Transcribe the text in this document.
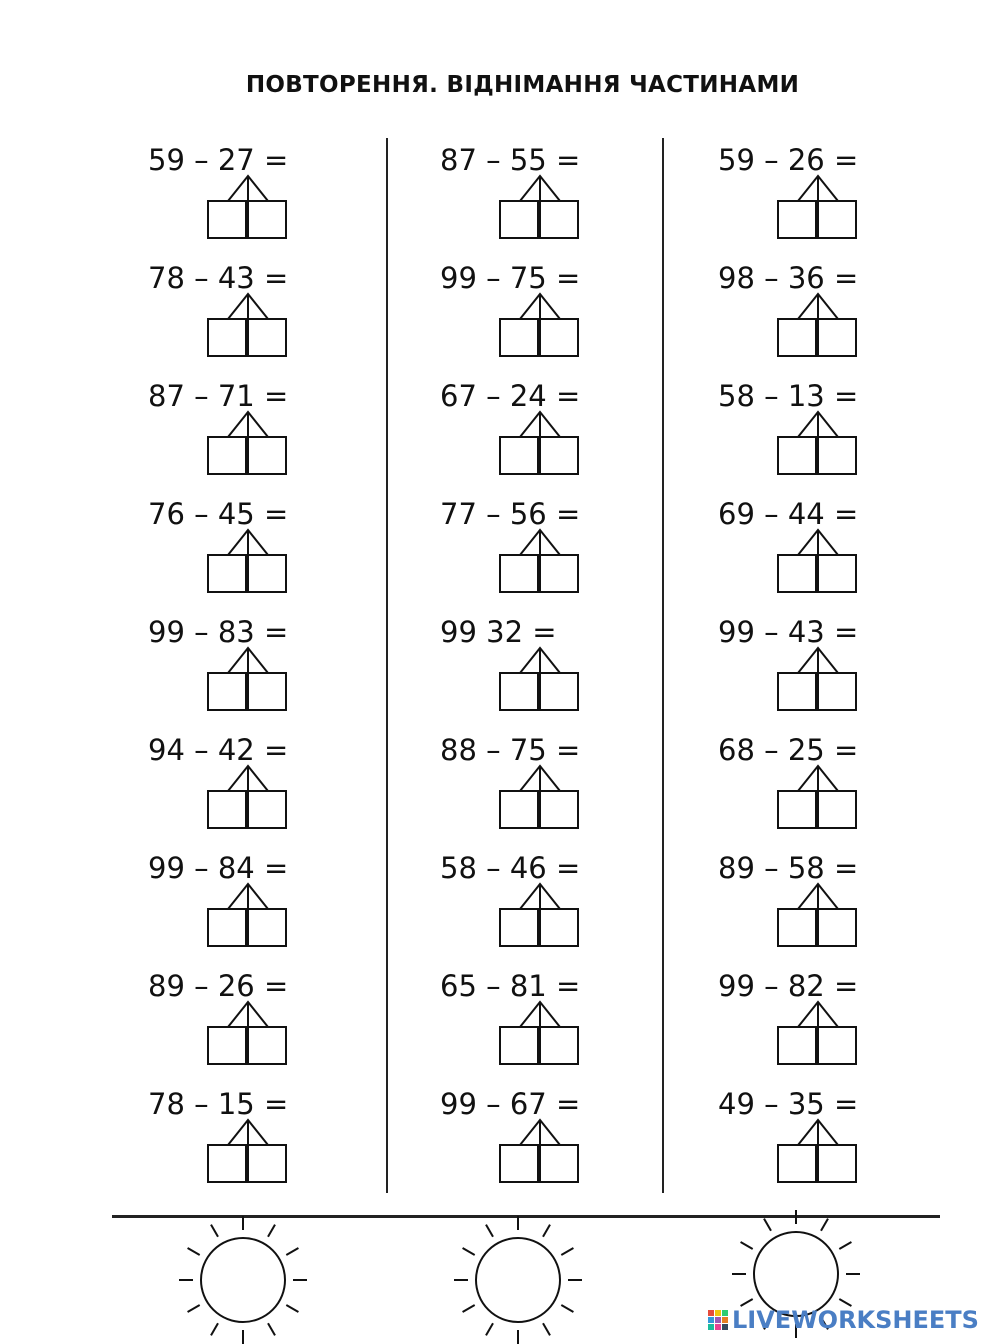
ПОВТОРЕННЯ. ВІДНІМАННЯ ЧАСТИНАМИ
59 – 27 =
78 – 43 =
87 – 71 =
76 – 45 =
99 – 83 =
94 – 42 =
99 – 84 =
89 – 26 =
78 – 15 =
87 – 55 =
99 – 75 =
67 – 24 =
77 – 56 =
99 32 =
88 – 75 =
58 – 46 =
65 – 81 =
99 – 67 =
59 – 26 =
98 – 36 =
58 – 13 =
69 – 44 =
99 – 43 =
68 – 25 =
89 – 58 =
99 – 82 =
49 – 35 =
LIVEWORKSHEETS
